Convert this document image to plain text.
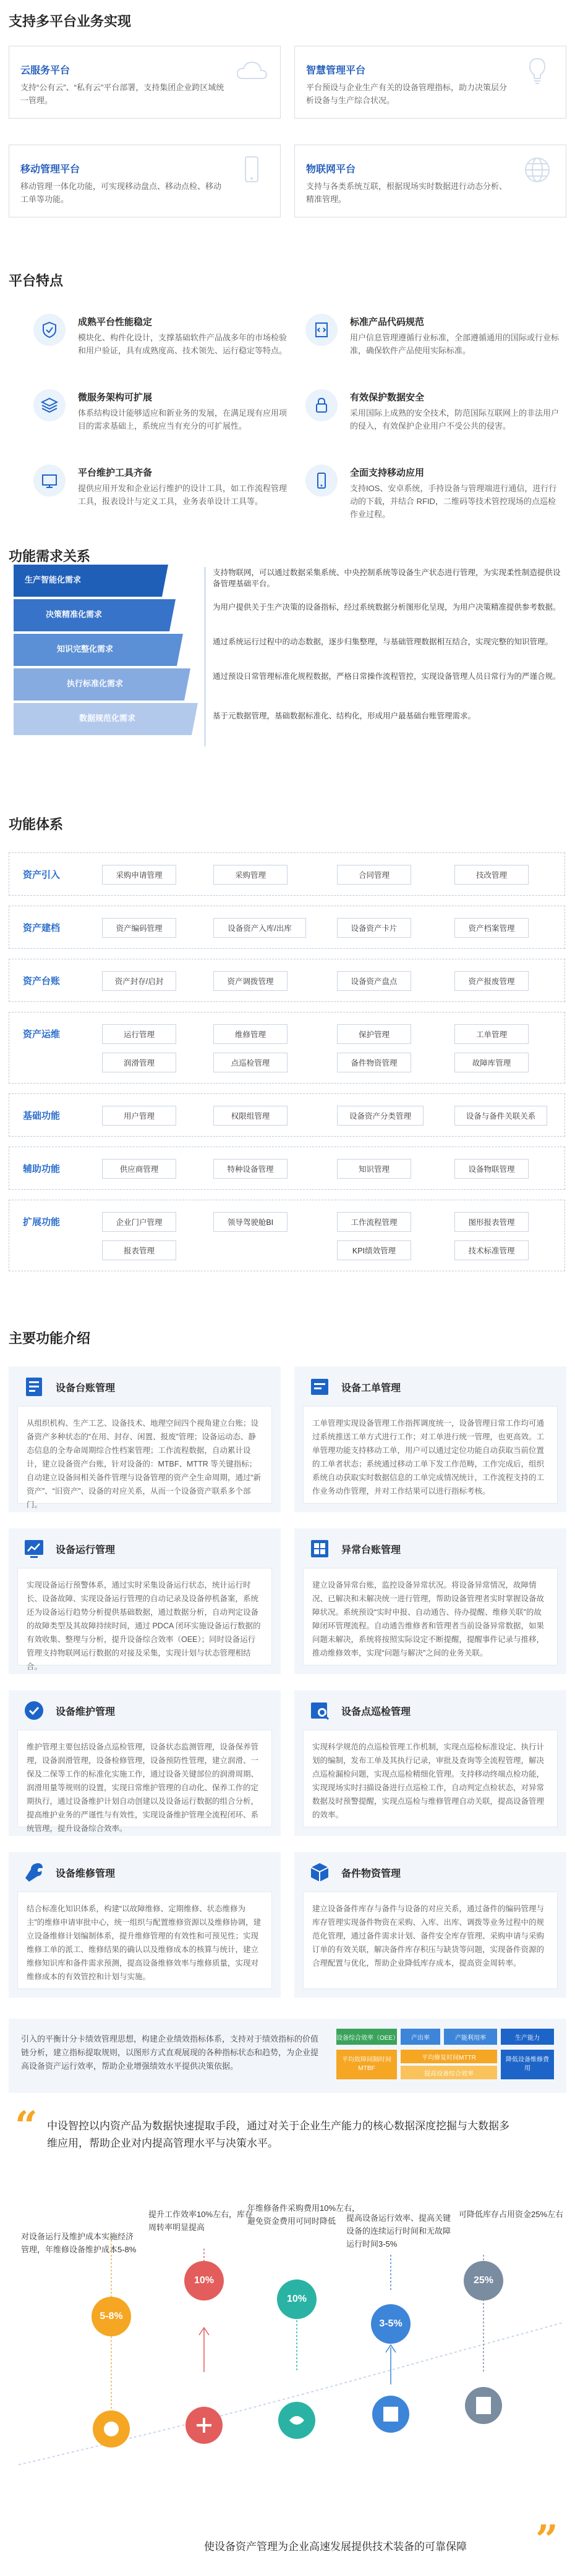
支持多平台业务实现
云服务平台

支持“公有云”、“私有云”平台部署，支持集团企业跨区域统一管理。

智慧管理平台

平台预设与企业生产有关的设备管理指标，助力决策层分析设备与生产综合状况。

移动管理平台

移动管理一体化功能，可实现移动盘点、移动点检、移动工单等功能。

物联网平台

支持与各类系统互联，根据现场实时数据进行动态分析、精准管理。

平台特点
成熟平台性能稳定

模块化、构件化设计，支撑基础软件产品战多年的市场检验和用户验证，具有成熟度高、技术领先、运行稳定等特点。

标准产品代码规范

用户信息管理遵循行业标准，全部遵循通用的国际或行业标准，确保软件产品使用实际标准。

微服务架构可扩展

体系结构设计能够适应和新业务的发展，在满足现有应用项目的需求基础上，系统应当有充分的可扩展性。

有效保护数据安全

采用国际上成熟的安全技术，防范国际互联网上的非法用户的侵入，有效保护企业用户不受公共的侵害。

平台维护工具齐备

提供应用开发和企业运行维护的设计工具，如工作流程管理工具，报表设计与定义工具，业务表单设计工具等。

全面支持移动应用

支持IOS、安卓系统，手持设备与管理端进行通信，进行行动的下载，并结合 RFID，二维码等技术管控现场的点巡检作业过程。

功能需求关系
生产智能化需求
决策精准化需求
知识完整化需求
执行标准化需求
数据规范化需求
支持物联网，可以通过数据采集系统、中央控制系统等设备生产状态进行管理，为实现柔性制造提供设备管理基础平台。
为用户提供关于生产决策的设备指标，经过系统数据分析图形化呈现，为用户决策精准提供参考数据。
通过系统运行过程中的动态数据，逐步归集整理，与基础管理数据相互结合，实现完整的知识管理。
通过预设日常管理标准化规程数据，严格日常操作流程管控，实现设备管理人员日常行为的严谨合规。
基于元数据管理，基础数据标准化、结构化，形成用户最基础台账管理需求。
功能体系
资产引入	采购申请管理	采购管理	合同管理	技改管理
资产建档	资产编码管理	设备资产入库/出库	设备资产卡片	资产档案管理
资产台账	资产封存/启封	资产调拨管理	设备资产盘点	资产报废管理
资产运维	运行管理	维修管理	保护管理	工单管理
润滑管理	点巡检管理	备件物资管理	故障库管理
基础功能	用户管理	权限组管理	设备资产分类管理	设备与备件关联关系
辅助功能	供应商管理	特种设备管理	知识管理	设备物联管理
扩展功能	企业门户管理	领导驾驶舱BI	工作流程管理	图形报表管理
报表管理	KPI绩效管理	技术标准管理
主要功能介绍
设备台账管理
从组织机构、生产工艺、设备技术、地理空间四个视角建立台账；设备资产多种状态的“在用、封存、闲置、报废”管理；设备运动态、静态信息的全寿命周期综合性档案管理；工作流程数据，自动累计设计，建立设备资产台账，针对设备的：MTBF、MTTR 等关键指标；自动建立设备间相关备件管理与设备管理的资产全生命周期，通过“新资产”、“旧资产”、设备的对应关系，从而一个设备资产联系多个部门。
设备工单管理
工单管理实现设备管理工作指挥调度统一，设备管理日常工作均可通过系统推送工单方式进行工作；对工单进行统一管理，也更高效。工单管理功能支持移动工单，用户可以通过定位功能自动获取当前位置的工单者状态；系统通过移动工单下发工作范畴，工作完成后，组织系统自动获取实时数据信息的工单完成情况统计，工作流程支持的工作业务动作管理，并对工作结果可以进行指标考核。
设备运行管理
实现设备运行预警体系，通过实时采集设备运行状态，统计运行时长、设备故障、实现设备运行管理的自动记录及设备停机备案，系统还为设备运行趋势分析提供基础数据，通过数据分析，自动判定设备的故障类型及其故障持续时间，通过 PDCA 闭环实施设备运行数据的有效收集、整理与分析，提升设备综合效率（OEE）；同时设备运行管理支持物联网运行数据的对接及采集，实现计划与状态管理相结合。
异常台账管理
建立设备异常台账，监控设备异常状况。将设备异常情况，故障情况、已解决和未解决统一进行管理，帮助设备管理者实时掌握设备故障状况。系统预设“实时申报、自动通告、待办提醒、维修关联”的故障闭环管理流程。自动通告维修者和管理者当前设备异常数据，如果问题未解决，系统将按照实际设定不断提醒，提醒事件记录与推移，推动维修效率，实现“问题与解决”之间的业务关联。
设备维护管理
维护管理主要包括设备点巡检管理，设备状态监测管理，设备保养管理，设备润滑管理，设备检修管理，设备预防性管理，建立润滑、一保及二保等工作的标准化实施工作，通过设备关键部位的润滑周期、润滑用量等规则的设置，实现日常维护管理的自动化、保养工作的定期执行，通过设备维护计划自动创建以及设备运行数据的组合分析，提高维护业务的严谨性与有效性，实现设备维护管理全流程闭环、系统管理，提升设备综合效率。
设备点巡检管理
实现科学规范的点巡检管理工作机制，实现点巡检标准设定、执行计划的编制，发布工单及其执行记录，审批及查询等全流程管理，解决点巡检漏检问题，实现点巡检精细化管理。支持移动终端点检功能，实现现场实时扫描设备进行点巡检工作，自动判定点检状态，对异常数据及时预警提醒，实现点巡检与维修管理自动关联，提高设备管理的效率。
设备维修管理
结合标准化知识体系，构建“以故障维修、定期维修、状态维修为主”的维修申请审批中心，统一组织与配置维修资源以及维修协调，建立设备维修计划编制体系，提升维修管理的有效性和可预见性；实现维修工单的派工、维修结果的确认以及维修成本的核算与统计，建立维修知识库和备件需求预测，提高设备维修效率与维修质量，实现对维修成本的有效管控和计划与实施。
备件物资管理
建立设备备件库存与备件与设备的对应关系，通过备件的编码管理与库存管理实现备件物资在采购、入库、出库、调拨等业务过程中的规范化管理，通过备件需求计划、备件安全库存管理、采购申请与采购订单的有效关联，解决备件库存积压与缺货等问题，实现备件资源的合理配置与优化，帮助企业降低库存成本，提高资金周转率。
引入的平衡计分卡绩效管理思想，构建企业绩效指标体系，支持对于绩效指标的价值链分析，建立指标提取规则，以图形方式直观展现的各种指标状态和趋势，为企业提高设备资产运行效率，帮助企业增强绩效水平提供决策依据。
设备综合效率（OEE）	产出率	产能利用率	生产能力
平均故障间隔时间MTBF
平均修复时间MTTR
提高设备综合效率
降低设备维修费用
“ 中设智控以内资产品为数据快速提取手段，通过对关于企业生产能力的核心数据深度挖掘与大数据多维应用，帮助企业对内提高管理水平与决策水平。
5-8%
10%
10%
3-5%
25%
对设备运行及维护成本实施经济管理，年维修设备维护成本5-8%
提升工作效率10%左右，库存周转率明显提高
年维修备件采购费用10%左右，避免资金费用可同时降低	提高设备运行效率、提高关键设备的连续运行时间和无故障运行时间3-5%
可降低库存占用资金25%左右
使设备资产管理为企业高速发展提供技术装备的可靠保障 ”
